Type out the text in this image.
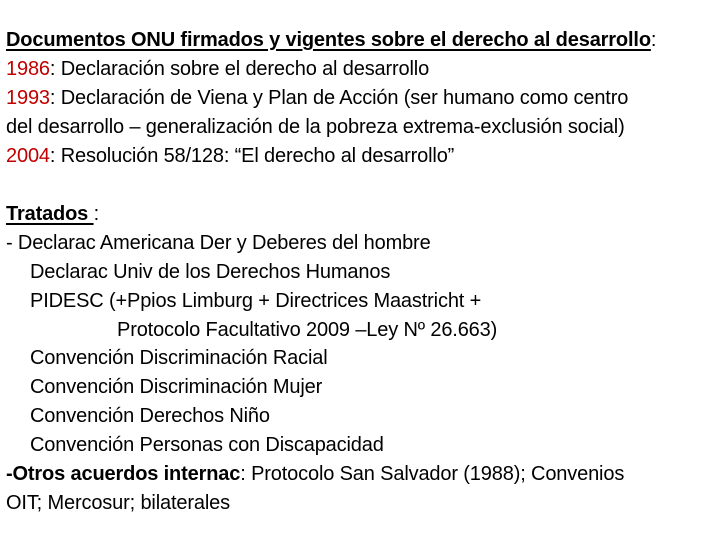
Documentos ONU firmados y vigentes sobre el derecho al desarrollo:
1986: Declaración sobre el derecho al desarrollo
1993: Declaración de Viena y Plan de Acción (ser humano como centro
del desarrollo – generalización de la pobreza extrema-exclusión social)
2004: Resolución 58/128: “El derecho al desarrollo”
Tratados :
- Declarac Americana Der y Deberes del hombre
Declarac Univ de los Derechos Humanos
PIDESC (+Ppios Limburg + Directrices Maastricht +
Protocolo Facultativo 2009 –Ley Nº 26.663)
Convención Discriminación Racial
Convención Discriminación Mujer
Convención Derechos Niño
Convención Personas con Discapacidad
-Otros acuerdos internac: Protocolo San Salvador (1988); Convenios
OIT; Mercosur; bilaterales
